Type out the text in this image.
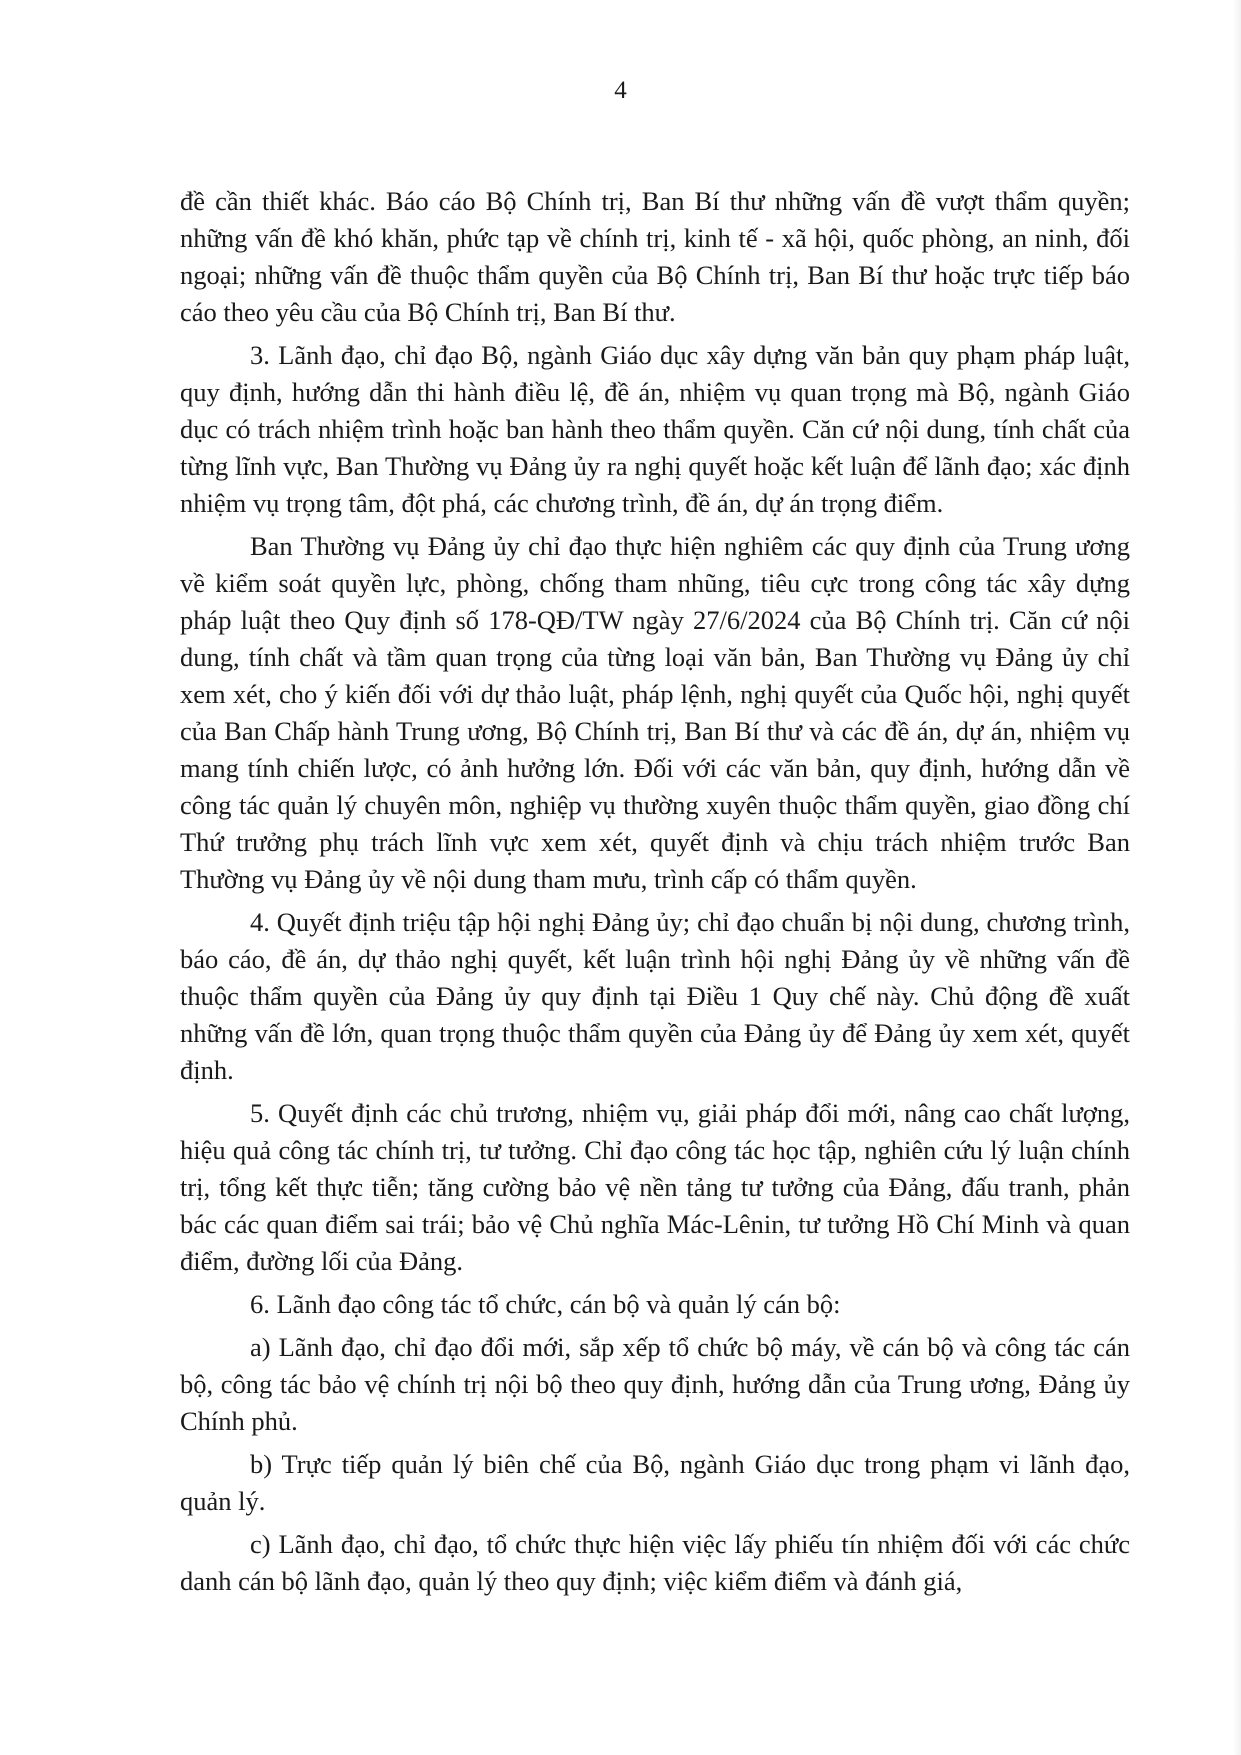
4

đề cần thiết khác. Báo cáo Bộ Chính trị, Ban Bí thư những vấn đề vượt thẩm quyền; những vấn đề khó khăn, phức tạp về chính trị, kinh tế - xã hội, quốc phòng, an ninh, đối ngoại; những vấn đề thuộc thẩm quyền của Bộ Chính trị, Ban Bí thư hoặc trực tiếp báo cáo theo yêu cầu của Bộ Chính trị, Ban Bí thư.

3. Lãnh đạo, chỉ đạo Bộ, ngành Giáo dục xây dựng văn bản quy phạm pháp luật, quy định, hướng dẫn thi hành điều lệ, đề án, nhiệm vụ quan trọng mà Bộ, ngành Giáo dục có trách nhiệm trình hoặc ban hành theo thẩm quyền. Căn cứ nội dung, tính chất của từng lĩnh vực, Ban Thường vụ Đảng ủy ra nghị quyết hoặc kết luận để lãnh đạo; xác định nhiệm vụ trọng tâm, đột phá, các chương trình, đề án, dự án trọng điểm.

Ban Thường vụ Đảng ủy chỉ đạo thực hiện nghiêm các quy định của Trung ương về kiểm soát quyền lực, phòng, chống tham nhũng, tiêu cực trong công tác xây dựng pháp luật theo Quy định số 178-QĐ/TW ngày 27/6/2024 của Bộ Chính trị. Căn cứ nội dung, tính chất và tầm quan trọng của từng loại văn bản, Ban Thường vụ Đảng ủy chỉ xem xét, cho ý kiến đối với dự thảo luật, pháp lệnh, nghị quyết của Quốc hội, nghị quyết của Ban Chấp hành Trung ương, Bộ Chính trị, Ban Bí thư và các đề án, dự án, nhiệm vụ mang tính chiến lược, có ảnh hưởng lớn. Đối với các văn bản, quy định, hướng dẫn về công tác quản lý chuyên môn, nghiệp vụ thường xuyên thuộc thẩm quyền, giao đồng chí Thứ trưởng phụ trách lĩnh vực xem xét, quyết định và chịu trách nhiệm trước Ban Thường vụ Đảng ủy về nội dung tham mưu, trình cấp có thẩm quyền.

4. Quyết định triệu tập hội nghị Đảng ủy; chỉ đạo chuẩn bị nội dung, chương trình, báo cáo, đề án, dự thảo nghị quyết, kết luận trình hội nghị Đảng ủy về những vấn đề thuộc thẩm quyền của Đảng ủy quy định tại Điều 1 Quy chế này. Chủ động đề xuất những vấn đề lớn, quan trọng thuộc thẩm quyền của Đảng ủy để Đảng ủy xem xét, quyết định.

5. Quyết định các chủ trương, nhiệm vụ, giải pháp đổi mới, nâng cao chất lượng, hiệu quả công tác chính trị, tư tưởng. Chỉ đạo công tác học tập, nghiên cứu lý luận chính trị, tổng kết thực tiễn; tăng cường bảo vệ nền tảng tư tưởng của Đảng, đấu tranh, phản bác các quan điểm sai trái; bảo vệ Chủ nghĩa Mác-Lênin, tư tưởng Hồ Chí Minh và quan điểm, đường lối của Đảng.

6. Lãnh đạo công tác tổ chức, cán bộ và quản lý cán bộ:

a) Lãnh đạo, chỉ đạo đổi mới, sắp xếp tổ chức bộ máy, về cán bộ và công tác cán bộ, công tác bảo vệ chính trị nội bộ theo quy định, hướng dẫn của Trung ương, Đảng ủy Chính phủ.

b) Trực tiếp quản lý biên chế của Bộ, ngành Giáo dục trong phạm vi lãnh đạo, quản lý.

c) Lãnh đạo, chỉ đạo, tổ chức thực hiện việc lấy phiếu tín nhiệm đối với các chức danh cán bộ lãnh đạo, quản lý theo quy định; việc kiểm điểm và đánh giá,
